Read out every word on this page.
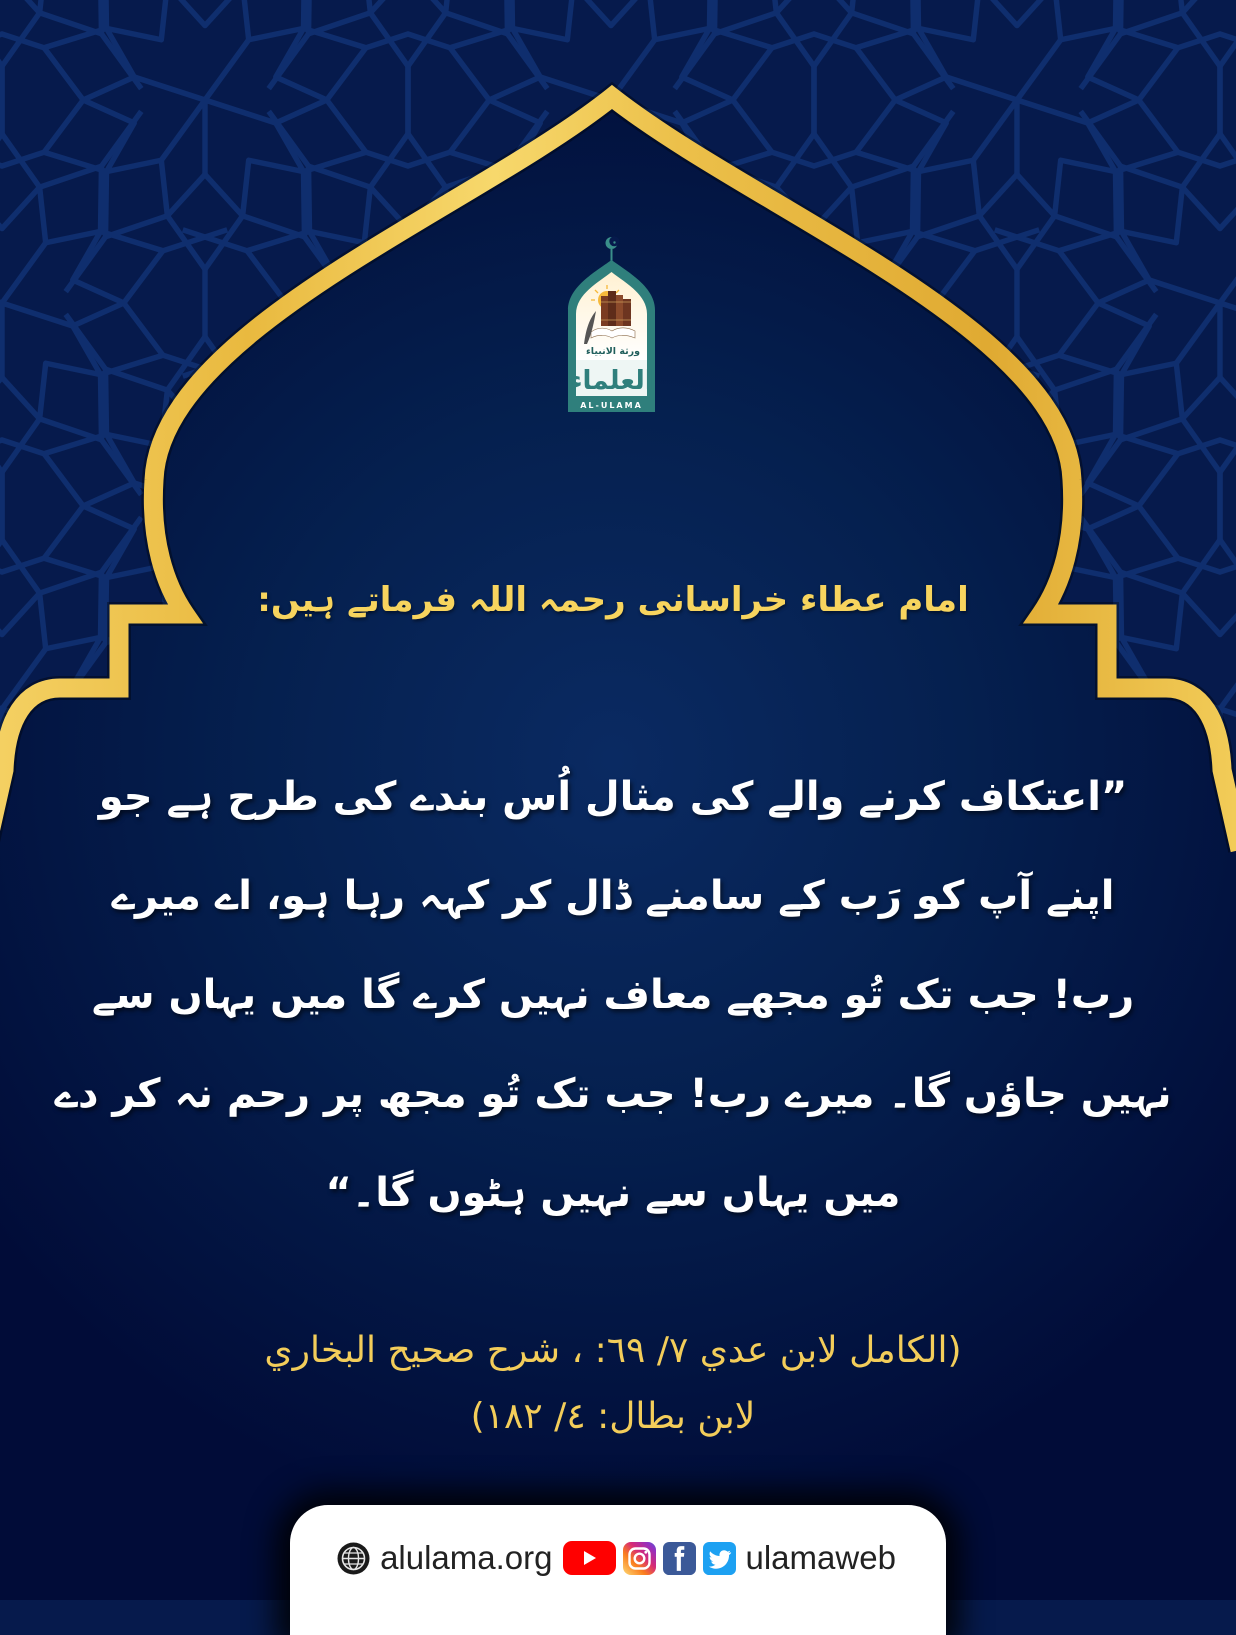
ورثة الانبياء
العلماء
AL-ULAMA
امام عطاء خراسانی رحمہ اللہ فرماتے ہیں:
”اعتکاف کرنے والے کی مثال اُس بندے کی طرح ہے جو
اپنے آپ کو رَب کے سامنے ڈال کر کہہ رہا ہو، اے میرے
رب! جب تک تُو مجھے معاف نہیں کرے گا میں یہاں سے
نہیں جاؤں گا۔ میرے رب! جب تک تُو مجھ پر رحم نہ کر دے
میں یہاں سے نہیں ہٹوں گا۔“
(الكامل لابن عدي ٧/ ٦٩: ، شرح صحيح البخاري
لابن بطال: ٤/ ١٨٢)
alulama.org	ulamaweb
